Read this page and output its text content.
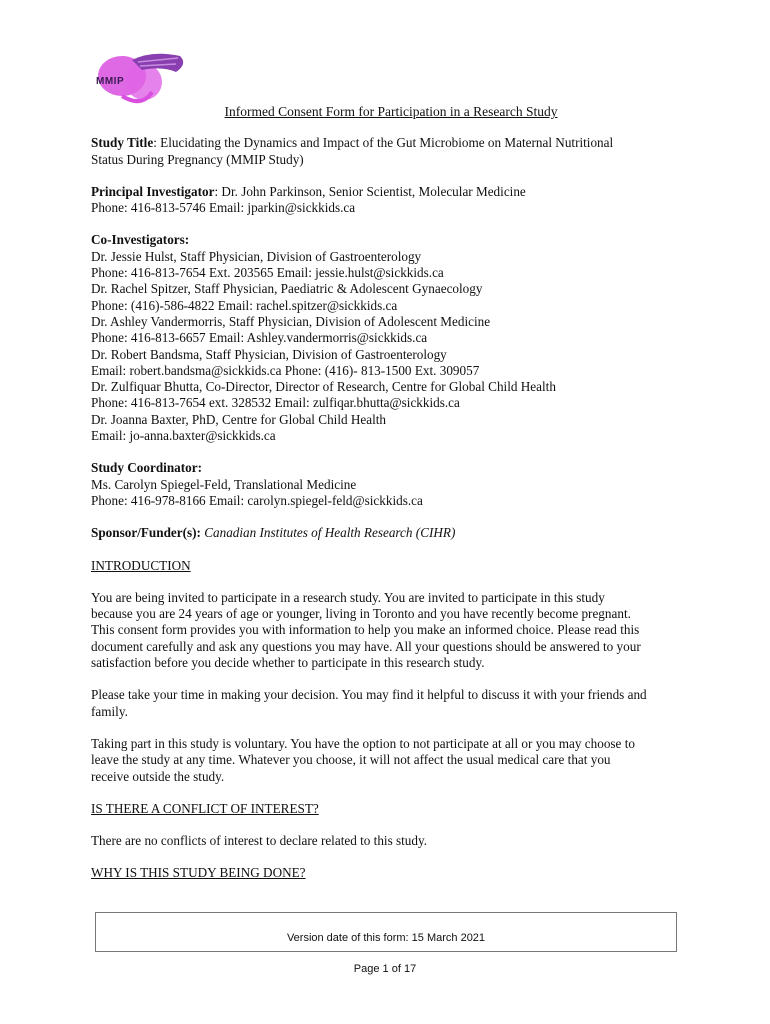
MMIP

Informed Consent Form for Participation in a Research Study

Study Title: Elucidating the Dynamics and Impact of the Gut Microbiome on Maternal Nutritional
Status During Pregnancy (MMIP Study)
Principal Investigator: Dr. John Parkinson, Senior Scientist, Molecular Medicine
Phone: 416-813-5746 Email: jparkin@sickkids.ca
Co-Investigators:
Dr. Jessie Hulst, Staff Physician, Division of Gastroenterology
Phone: 416-813-7654 Ext. 203565 Email: jessie.hulst@sickkids.ca
Dr. Rachel Spitzer, Staff Physician, Paediatric & Adolescent Gynaecology
Phone: (416)-586-4822 Email: rachel.spitzer@sickkids.ca
Dr. Ashley Vandermorris, Staff Physician, Division of Adolescent Medicine
Phone: 416-813-6657 Email: Ashley.vandermorris@sickkids.ca
Dr. Robert Bandsma, Staff Physician, Division of Gastroenterology
Email: robert.bandsma@sickkids.ca Phone: (416)- 813-1500 Ext. 309057
Dr. Zulfiquar Bhutta, Co-Director, Director of Research, Centre for Global Child Health
Phone: 416-813-7654 ext. 328532 Email: zulfiqar.bhutta@sickkids.ca
Dr. Joanna Baxter, PhD, Centre for Global Child Health
Email: jo-anna.baxter@sickkids.ca
Study Coordinator:
Ms. Carolyn Spiegel-Feld, Translational Medicine
Phone: 416-978-8166 Email: carolyn.spiegel-feld@sickkids.ca
Sponsor/Funder(s): Canadian Institutes of Health Research (CIHR)
INTRODUCTION
You are being invited to participate in a research study. You are invited to participate in this study
because you are 24 years of age or younger, living in Toronto and you have recently become pregnant.
This consent form provides you with information to help you make an informed choice. Please read this
document carefully and ask any questions you may have. All your questions should be answered to your
satisfaction before you decide whether to participate in this research study.
Please take your time in making your decision. You may find it helpful to discuss it with your friends and
family.
Taking part in this study is voluntary. You have the option to not participate at all or you may choose to
leave the study at any time. Whatever you choose, it will not affect the usual medical care that you
receive outside the study.
IS THERE A CONFLICT OF INTEREST?
There are no conflicts of interest to declare related to this study.
WHY IS THIS STUDY BEING DONE?
Version date of this form: 15 March 2021
Page 1 of 17
